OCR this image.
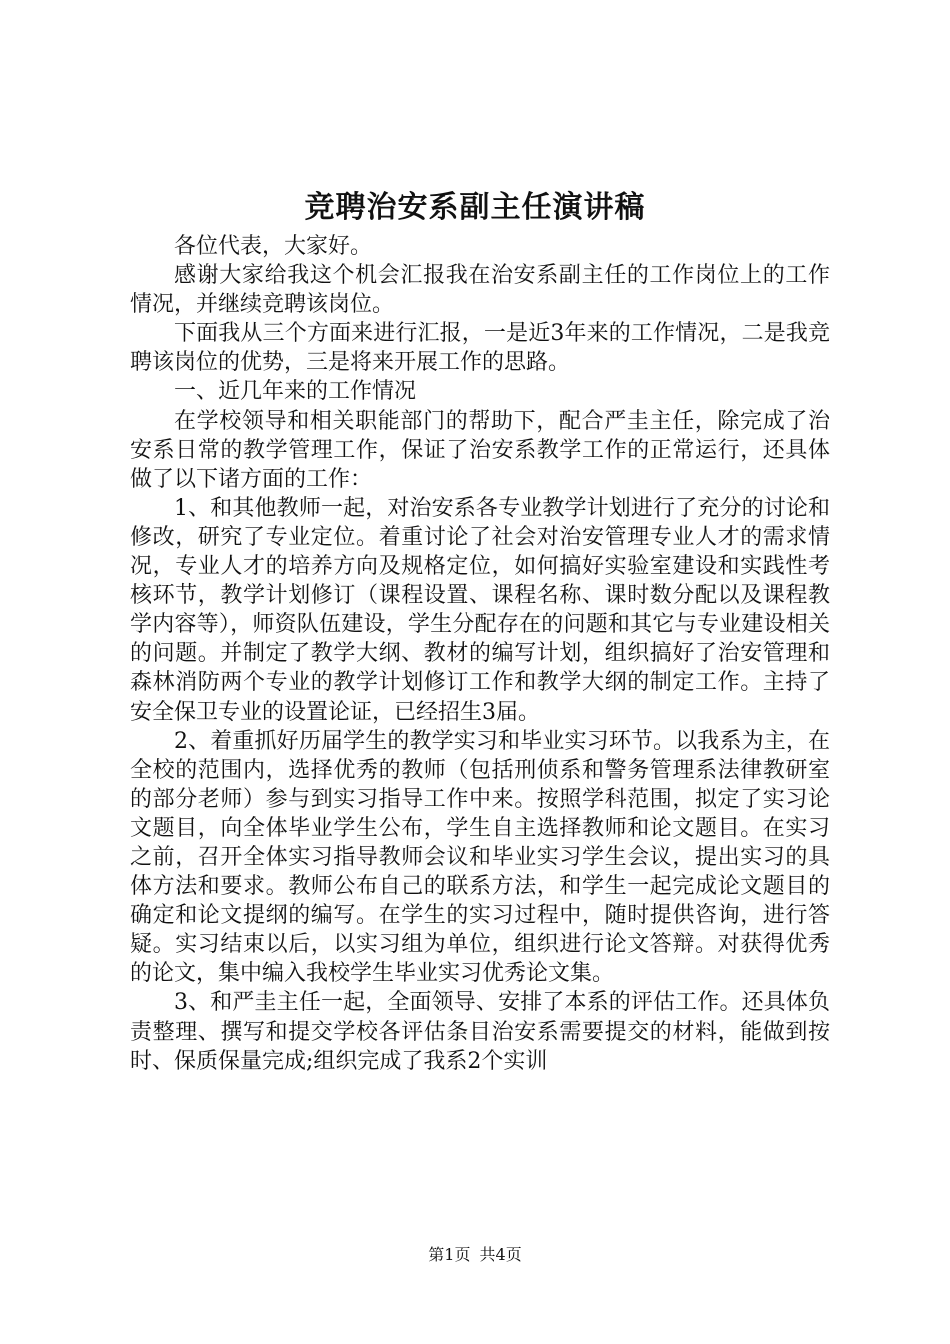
竞聘治安系副主任演讲稿

各位代表，大家好。

感谢大家给我这个机会汇报我在治安系副主任的工作岗位上的工作情况，并继续竞聘该岗位。

下面我从三个方面来进行汇报，一是近3年来的工作情况，二是我竞聘该岗位的优势，三是将来开展工作的思路。

一、近几年来的工作情况

在学校领导和相关职能部门的帮助下，配合严圭主任，除完成了治安系日常的教学管理工作，保证了治安系教学工作的正常运行，还具体做了以下诸方面的工作：

1、和其他教师一起，对治安系各专业教学计划进行了充分的讨论和修改，研究了专业定位。着重讨论了社会对治安管理专业人才的需求情况，专业人才的培养方向及规格定位，如何搞好实验室建设和实践性考核环节，教学计划修订（课程设置、课程名称、课时数分配以及课程教学内容等），师资队伍建设，学生分配存在的问题和其它与专业建设相关的问题。并制定了教学大纲、教材的编写计划，组织搞好了治安管理和森林消防两个专业的教学计划修订工作和教学大纲的制定工作。主持了安全保卫专业的设置论证，已经招生3届。

2、着重抓好历届学生的教学实习和毕业实习环节。以我系为主，在全校的范围内，选择优秀的教师（包括刑侦系和警务管理系法律教研室的部分老师）参与到实习指导工作中来。按照学科范围，拟定了实习论文题目，向全体毕业学生公布，学生自主选择教师和论文题目。在实习之前，召开全体实习指导教师会议和毕业实习学生会议，提出实习的具体方法和要求。教师公布自己的联系方法，和学生一起完成论文题目的确定和论文提纲的编写。在学生的实习过程中，随时提供咨询，进行答疑。实习结束以后，以实习组为单位，组织进行论文答辩。对获得优秀的论文，集中编入我校学生毕业实习优秀论文集。

3、和严圭主任一起，全面领导、安排了本系的评估工作。还具体负责整理、撰写和提交学校各评估条目治安系需要提交的材料，能做到按时、保质保量完成;组织完成了我系2个实训

第1页 共4页
